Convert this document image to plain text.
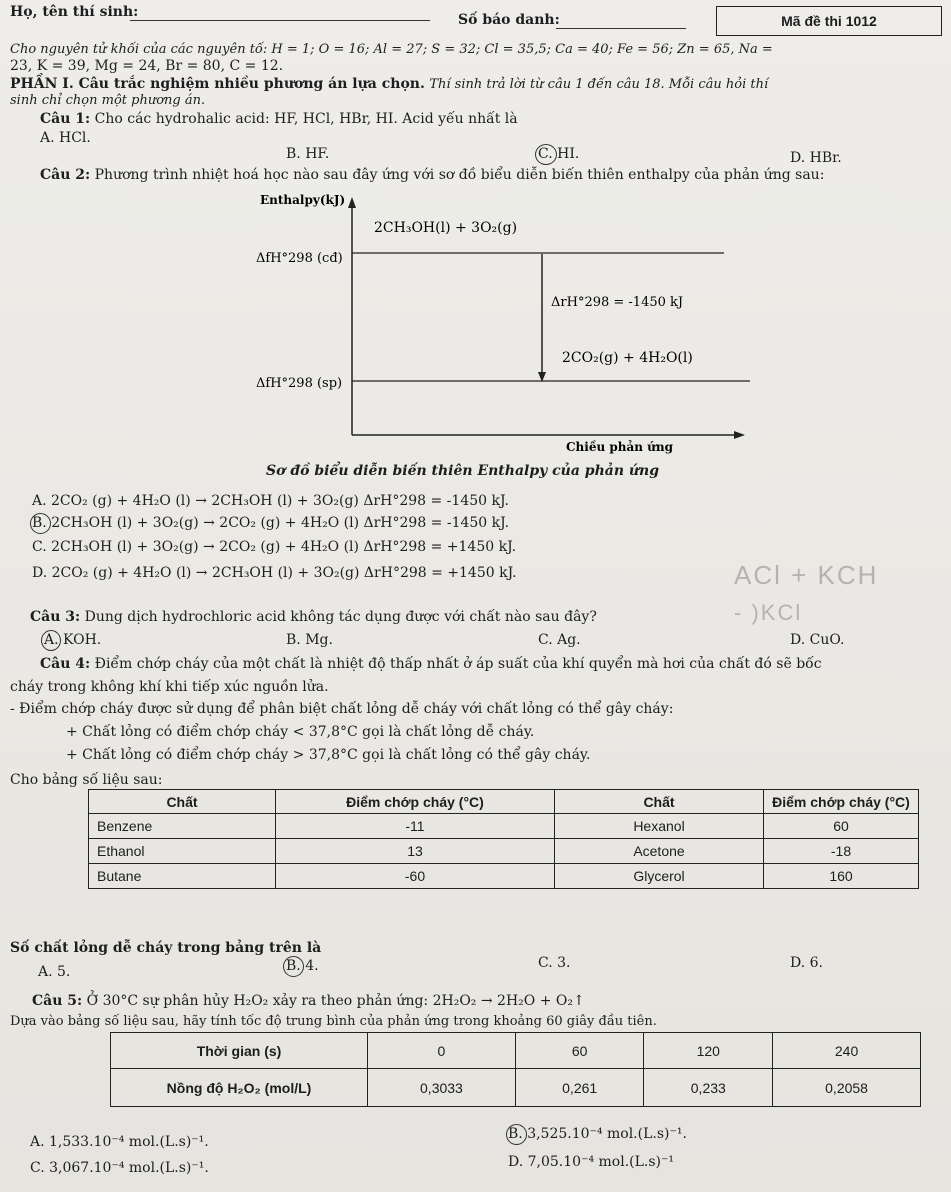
Họ, tên thí sinh:	Số báo danh:	Mã đề thi 1012
Cho nguyên tử khối của các nguyên tố: H = 1; O = 16; Al = 27; S = 32; Cl = 35,5; Ca = 40; Fe = 56; Zn = 65, Na =
23, K = 39, Mg = 24, Br = 80, C = 12.
PHẦN I. Câu trắc nghiệm nhiều phương án lựa chọn. Thí sinh trả lời từ câu 1 đến câu 18. Mỗi câu hỏi thí
sinh chỉ chọn một phương án.
Câu 1: Cho các hydrohalic acid: HF, HCl, HBr, HI. Acid yếu nhất là
A. HCl.
B. HF.	C. HI.	D. HBr.
Câu 2: Phương trình nhiệt hoá học nào sau đây ứng với sơ đồ biểu diễn biến thiên enthalpy của phản ứng sau:
Enthalpy(kJ)
Chiều phản ứng
ΔfH°298 (cđ)
ΔfH°298 (sp)
2CH₃OH(l) + 3O₂(g)
2CO₂(g) + 4H₂O(l)
ΔrH°298 = -1450 kJ
Sơ đồ biểu diễn biến thiên Enthalpy của phản ứng
A. 2CO₂ (g) + 4H₂O (l) → 2CH₃OH (l) + 3O₂(g) ΔrH°298 = -1450 kJ.
B. 2CH₃OH (l) + 3O₂(g) → 2CO₂ (g) + 4H₂O (l) ΔrH°298 = -1450 kJ.
C. 2CH₃OH (l) + 3O₂(g) → 2CO₂ (g) + 4H₂O (l) ΔrH°298 = +1450 kJ.
D. 2CO₂ (g) + 4H₂O (l) → 2CH₃OH (l) + 3O₂(g) ΔrH°298 = +1450 kJ.	ACl + KCH
- )KCl
Câu 3: Dung dịch hydrochloric acid không tác dụng được với chất nào sau đây?
A. KOH.	B. Mg.	C. Ag.	D. CuO.
Câu 4: Điểm chớp cháy của một chất là nhiệt độ thấp nhất ở áp suất của khí quyển mà hơi của chất đó sẽ bốc
cháy trong không khí khi tiếp xúc nguồn lửa.
- Điểm chớp cháy được sử dụng để phân biệt chất lỏng dễ cháy với chất lỏng có thể gây cháy:
+ Chất lỏng có điểm chớp cháy < 37,8°C gọi là chất lỏng dễ cháy.
+ Chất lỏng có điểm chớp cháy > 37,8°C gọi là chất lỏng có thể gây cháy.
Cho bảng số liệu sau:
Chất	Điểm chớp cháy (°C)	Chất	Điểm chớp cháy (°C)
Benzene	-11	Hexanol	60
Ethanol	13	Acetone	-18
Butane	-60	Glycerol	160
Số chất lỏng dễ cháy trong bảng trên là
A. 5.	B. 4.	C. 3.	D. 6.
Câu 5: Ở 30°C sự phân hủy H₂O₂ xảy ra theo phản ứng: 2H₂O₂ → 2H₂O + O₂↑
Dựa vào bảng số liệu sau, hãy tính tốc độ trung bình của phản ứng trong khoảng 60 giây đầu tiên.
Thời gian (s)	0	60	120	240
Nồng độ H₂O₂ (mol/L)	0,3033	0,261	0,233	0,2058
A. 1,533.10⁻⁴ mol.(L.s)⁻¹.	B. 3,525.10⁻⁴ mol.(L.s)⁻¹.
C. 3,067.10⁻⁴ mol.(L.s)⁻¹.	D. 7,05.10⁻⁴ mol.(L.s)⁻¹
